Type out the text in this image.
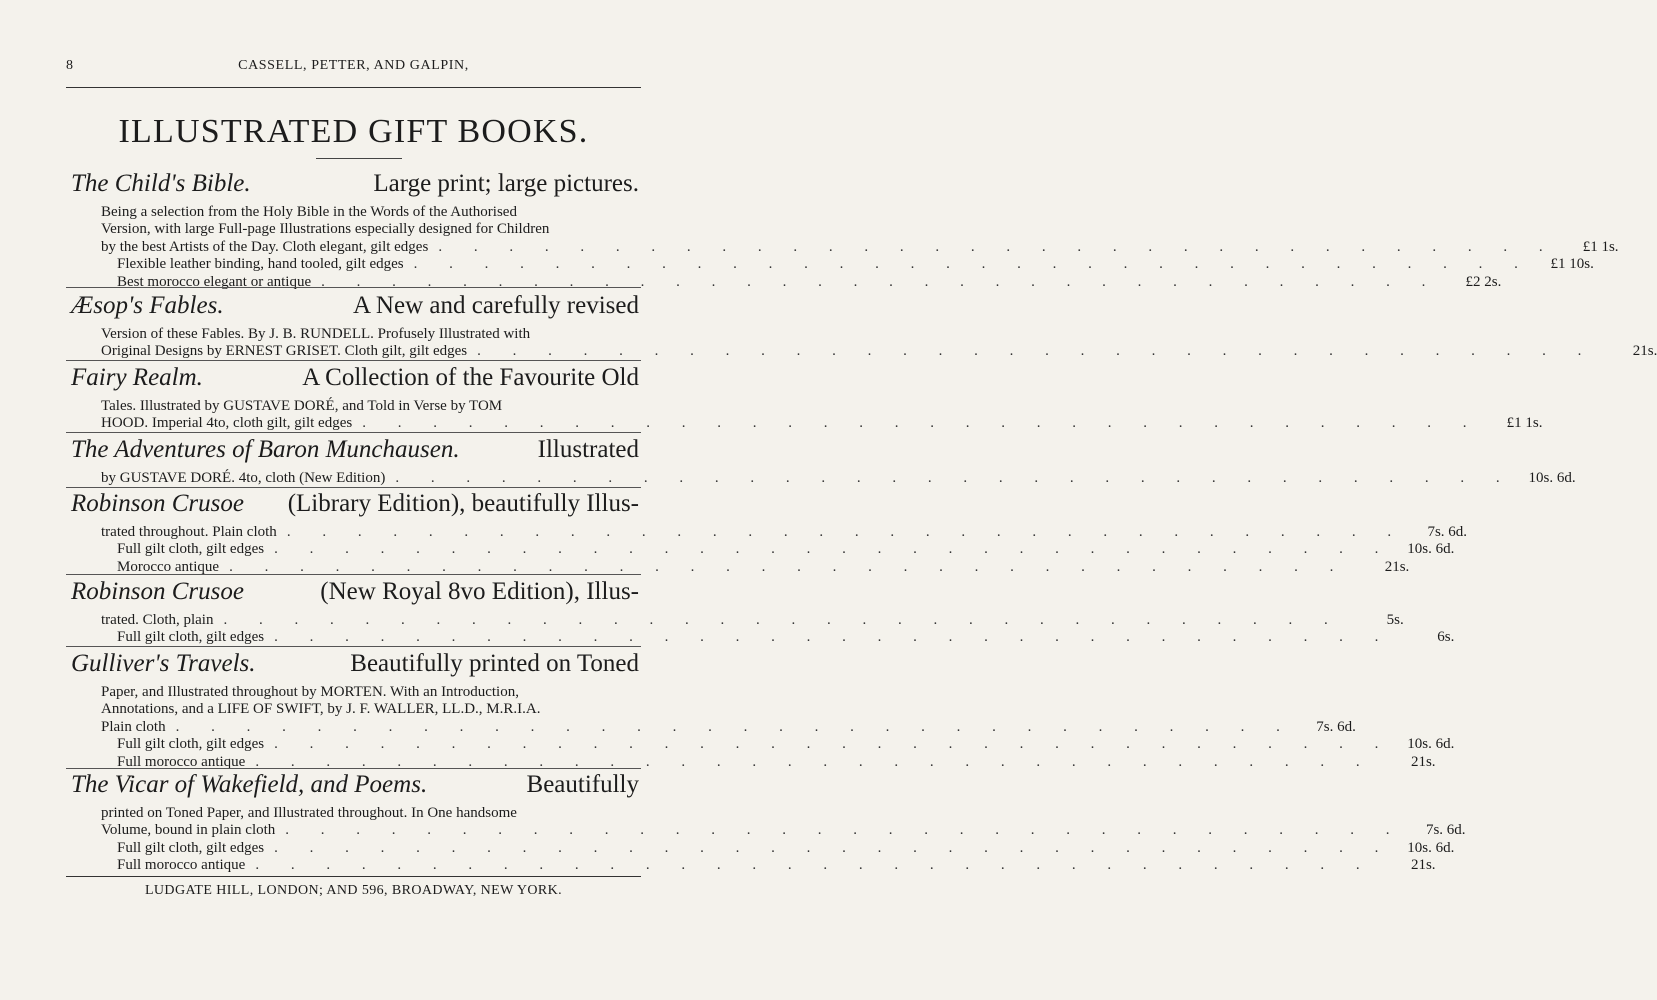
8	CASSELL, PETTER, AND GALPIN,
ILLUSTRATED GIFT BOOKS.
The Child's Bible.	Large print; large pictures.
Being a selection from the Holy Bible in the Words of the Authorised
Version, with large Full-page Illustrations especially designed for Children
by the best Artists of the Day. Cloth elegant, gilt edges . . . . . . . . . . . . . . . . . . . . . . . . . . . . . . . .	£1 1s.
Flexible leather binding, hand tooled, gilt edges . . . . . . . . . . . . . . . . . . . . . . . . . . . . . . . .	£1 10s.
Best morocco elegant or antique . . . . . . . . . . . . . . . . . . . . . . . . . . . . . . . .	£2 2s.
Æsop's Fables.	A New and carefully revised
Version of these Fables. By J. B. RUNDELL. Profusely Illustrated with
Original Designs by ERNEST GRISET. Cloth gilt, gilt edges . . . . . . . . . . . . . . . . . . . . . . . . . . . . . . . .	21s.
Fairy Realm.	A Collection of the Favourite Old
Tales. Illustrated by GUSTAVE DORÉ, and Told in Verse by TOM
HOOD. Imperial 4to, cloth gilt, gilt edges . . . . . . . . . . . . . . . . . . . . . . . . . . . . . . . .	£1 1s.
The Adventures of Baron Munchausen.	Illustrated
by GUSTAVE DORÉ. 4to, cloth (New Edition) . . . . . . . . . . . . . . . . . . . . . . . . . . . . . . . . 10s. 6d.
Robinson Crusoe (Library Edition), beautifully Illus-
trated throughout. Plain cloth . . . . . . . . . . . . . . . . . . . . . . . . . . . . . . . .	7s. 6d.
Full gilt cloth, gilt edges . . . . . . . . . . . . . . . . . . . . . . . . . . . . . . . . 10s. 6d.
Morocco antique . . . . . . . . . . . . . . . . . . . . . . . . . . . . . . . .	21s.
Robinson Crusoe	(New Royal 8vo Edition), Illus-
trated. Cloth, plain . . . . . . . . . . . . . . . . . . . . . . . . . . . . . . . .	5s.
Full gilt cloth, gilt edges . . . . . . . . . . . . . . . . . . . . . . . . . . . . . . . .	6s.
Gulliver's Travels.	Beautifully printed on Toned
Paper, and Illustrated throughout by MORTEN. With an Introduction,
Annotations, and a LIFE OF SWIFT, by J. F. WALLER, LL.D., M.R.I.A.
Plain cloth . . . . . . . . . . . . . . . . . . . . . . . . . . . . . . . .	7s. 6d.
Full gilt cloth, gilt edges . . . . . . . . . . . . . . . . . . . . . . . . . . . . . . . . 10s. 6d.
Full morocco antique . . . . . . . . . . . . . . . . . . . . . . . . . . . . . . . .	21s.
The Vicar of Wakefield, and Poems.	Beautifully
printed on Toned Paper, and Illustrated throughout. In One handsome
Volume, bound in plain cloth . . . . . . . . . . . . . . . . . . . . . . . . . . . . . . . .	7s. 6d.
Full gilt cloth, gilt edges . . . . . . . . . . . . . . . . . . . . . . . . . . . . . . . . 10s. 6d.
Full morocco antique . . . . . . . . . . . . . . . . . . . . . . . . . . . . . . . .	21s.
LUDGATE HILL, LONDON; AND 596, BROADWAY, NEW YORK.
